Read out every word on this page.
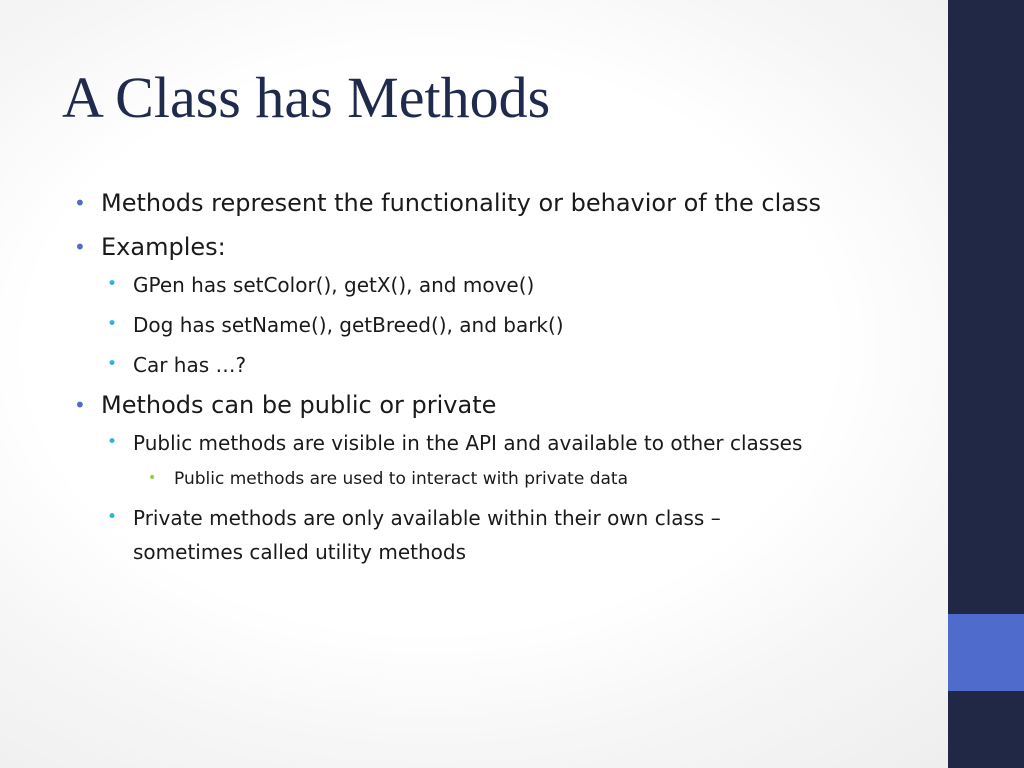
A Class has Methods

• Methods represent the functionality or behavior of the class

• Examples:

• GPen has setColor(), getX(), and move()

• Dog has setName(), getBreed(), and bark()

• Car has …?

• Methods can be public or private

• Public methods are visible in the API and available to other classes

• Public methods are used to interact with private data

• Private methods are only available within their own class – sometimes called utility methods
